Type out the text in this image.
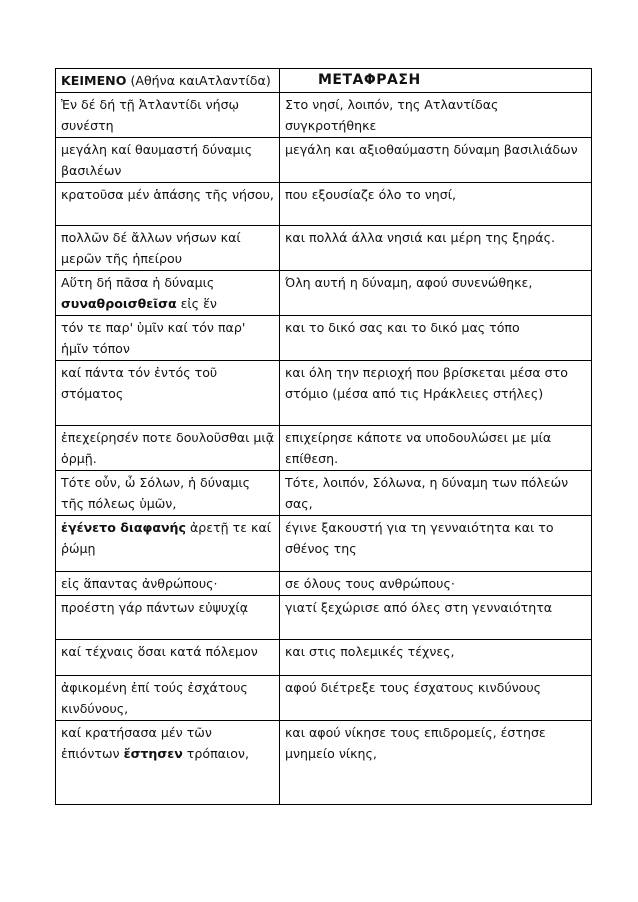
ΚΕΙΜΕΝΟ (Αθήνα καιΑτλαντίδα)	ΜΕΤΑΦΡΑΣΗ
Ἐν δέ δή τῇ Ἀτλαντίδι νήσῳ συνέστη	Στο νησί, λοιπόν, της Ατλαντίδας συγκροτήθηκε
μεγάλη καί θαυμαστή δύναμις βασιλέων	μεγάλη και αξιοθαύμαστη δύναμη βασιλιάδων
κρατοῦσα μέν ἁπάσης τῆς νήσου,	που εξουσίαζε όλο το νησί,
πολλῶν δέ ἄλλων νήσων καί μερῶν τῆς ἠπείρου	και πολλά άλλα νησιά και μέρη της ξηράς.
Αὕτη δή πᾶσα ἡ δύναμις συναθροισθεῖσα εἰς ἕν	Όλη αυτή η δύναμη, αφού συνενώθηκε,
τόν τε παρ' ὑμῖν καί τόν παρ' ἡμῖν τόπον	και το δικό σας και το δικό μας τόπο
καί πάντα τόν ἐντός τοῦ στόματος	και όλη την περιοχή που βρίσκεται μέσα στο στόμιο (μέσα από τις Ηράκλειες στήλες)
ἐπεχείρησέν ποτε δουλοῦσθαι μιᾷ ὁρμῇ.	επιχείρησε κάποτε να υποδουλώσει με μία επίθεση.
Τότε οὖν, ὦ Σόλων, ἡ δύναμις τῆς πόλεως ὑμῶν,	Τότε, λοιπόν, Σόλωνα, η δύναμη των πόλεών σας,
ἐγένετο διαφανής ἀρετῇ τε καί ῥώμῃ	έγινε ξακουστή για τη γενναιότητα και το σθένος της
εἰς ἅπαντας ἀνθρώπους·	σε όλους τους ανθρώπους·
προέστη γάρ πάντων εὐψυχίᾳ	γιατί ξεχώρισε από όλες στη γενναιότητα
καί τέχναις ὅσαι κατά πόλεμον	και στις πολεμικές τέχνες,
ἀφικομένη ἐπί τούς ἐσχάτους κινδύνους,	αφού διέτρεξε τους έσχατους κινδύνους
καί κρατήσασα μέν τῶν ἐπιόντων ἔστησεν τρόπαιον,	και αφού νίκησε τους επιδρομείς, έστησε μνημείο νίκης,
